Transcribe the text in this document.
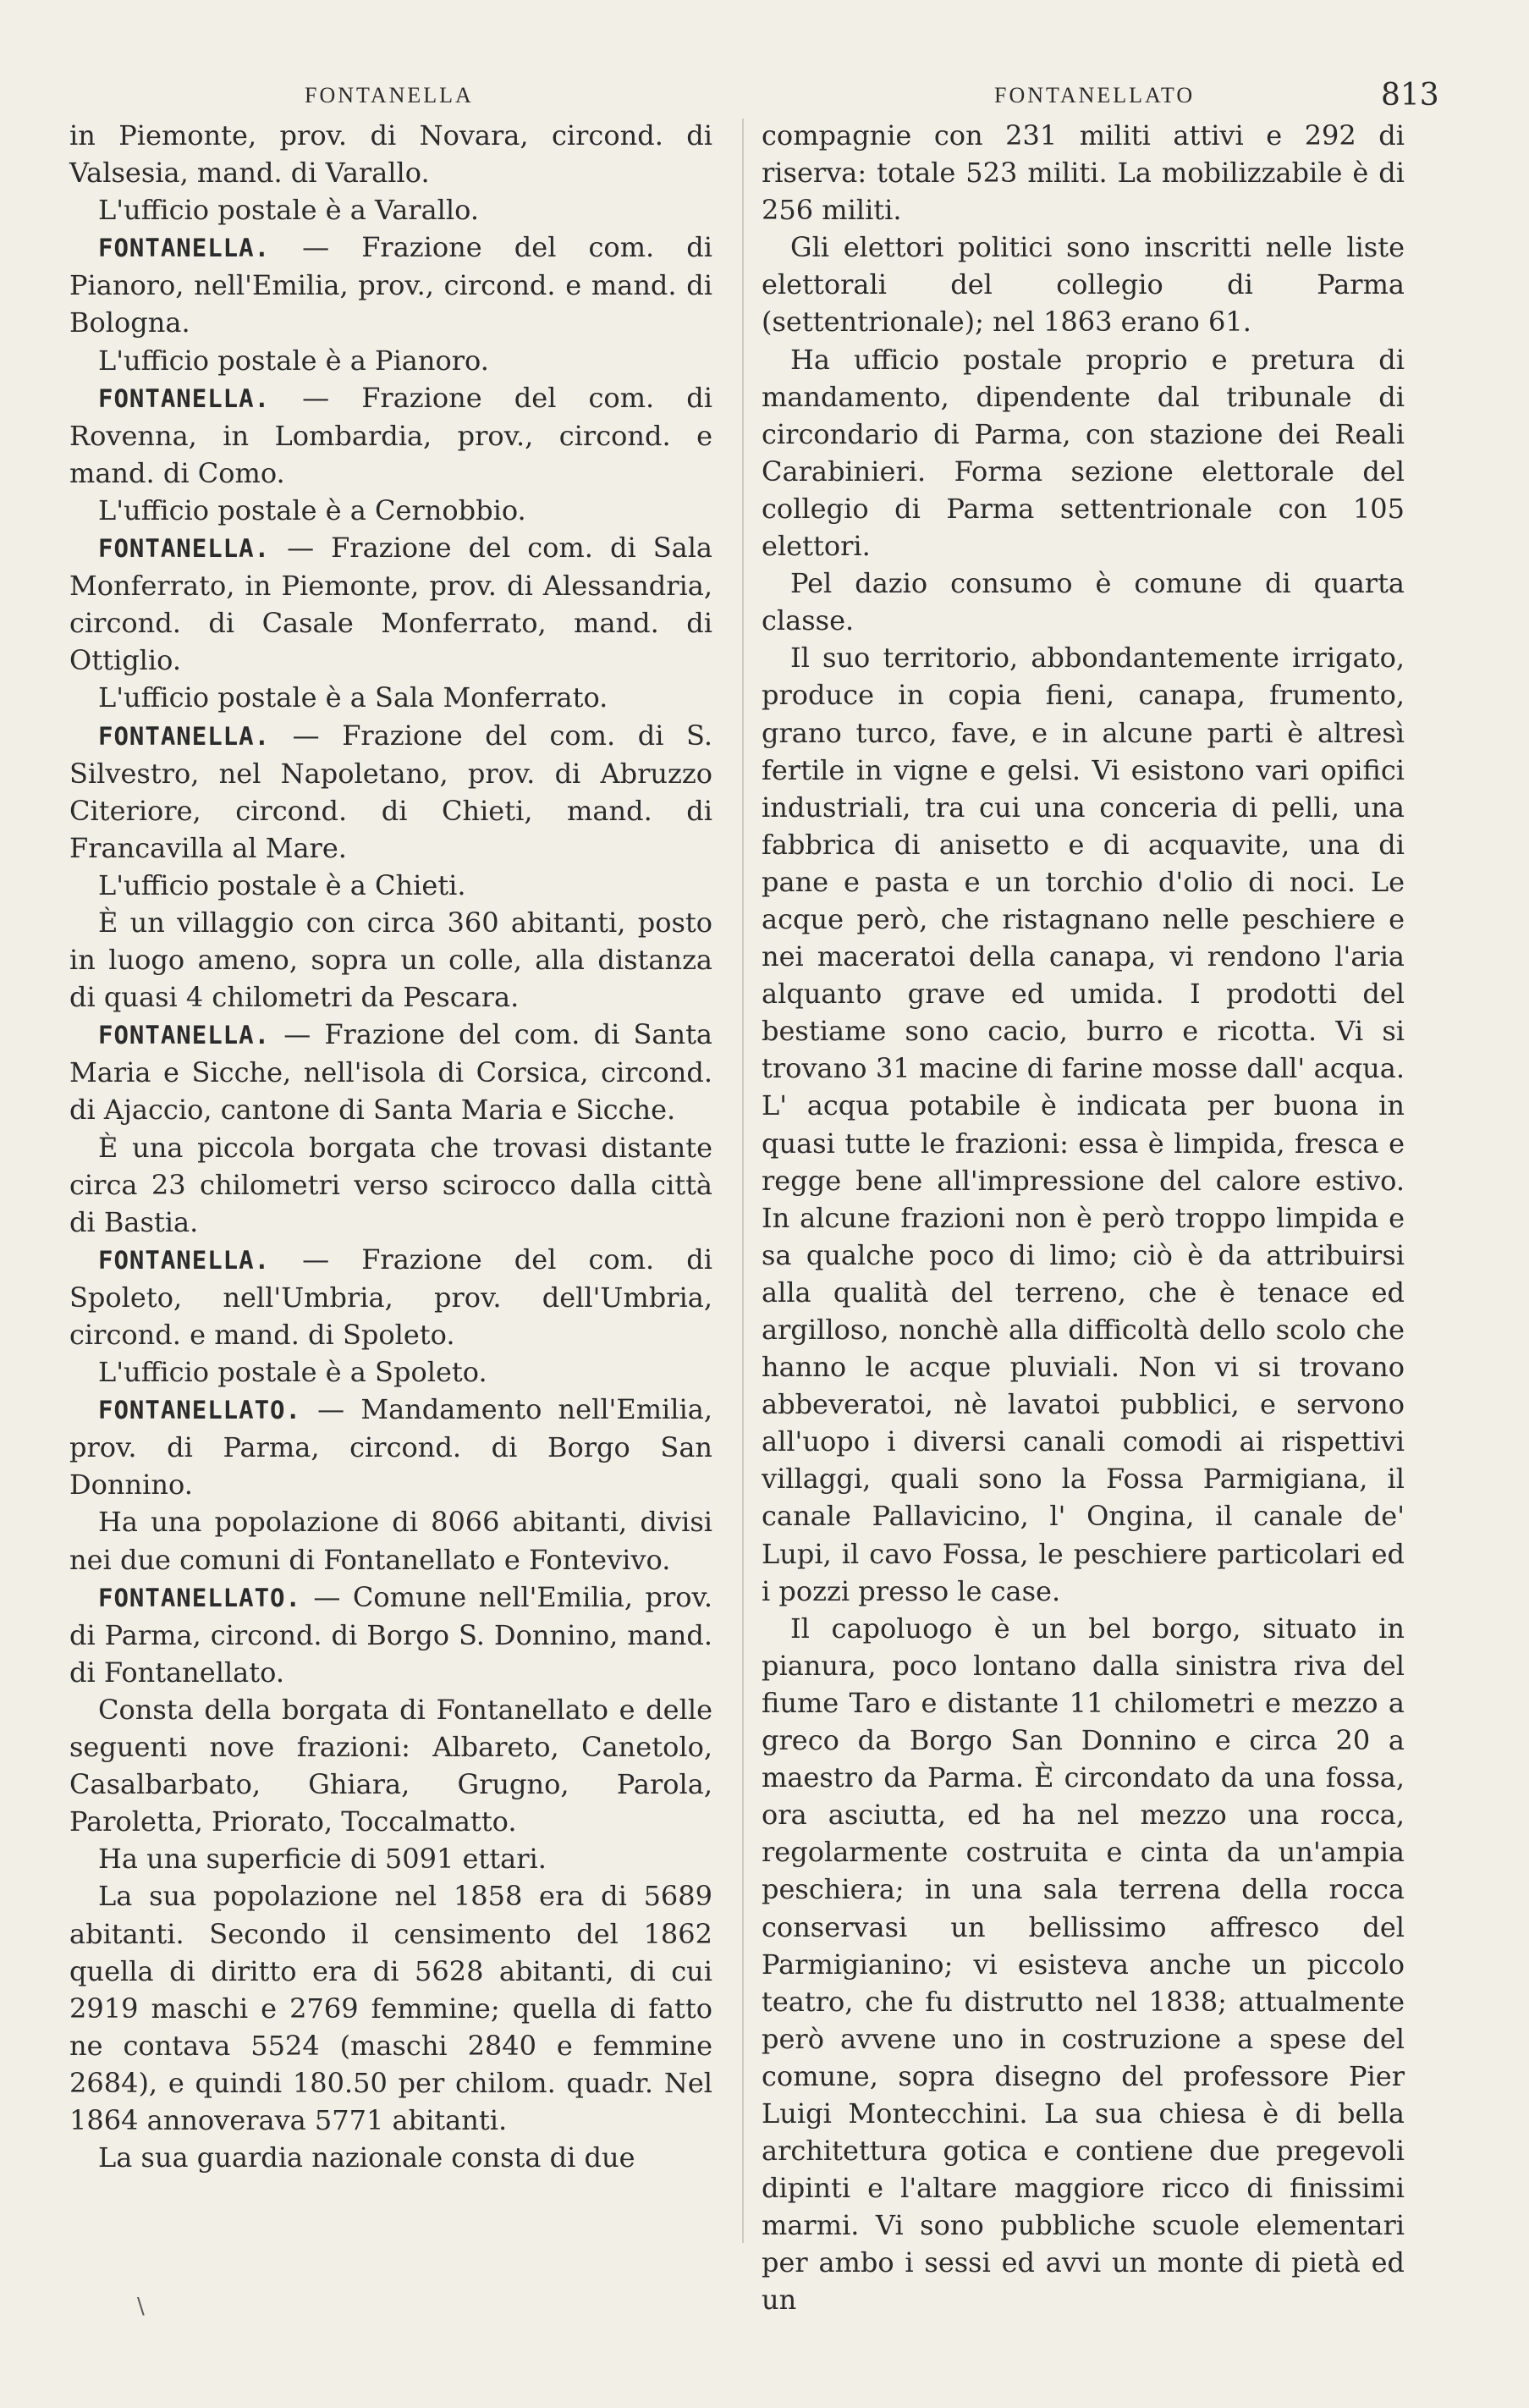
FONTANELLA	FONTANELLATO	813

in Piemonte, prov. di Novara, circond. di Valsesia, mand. di Varallo.

L'ufficio postale è a Varallo.

FONTANELLA. — Frazione del com. di Pianoro, nell'Emilia, prov., circond. e mand. di Bologna.

L'ufficio postale è a Pianoro.

FONTANELLA. — Frazione del com. di Rovenna, in Lombardia, prov., circond. e mand. di Como.

L'ufficio postale è a Cernobbio.

FONTANELLA. — Frazione del com. di Sala Monferrato, in Piemonte, prov. di Alessandria, circond. di Casale Monferrato, mand. di Ottiglio.

L'ufficio postale è a Sala Monferrato.

FONTANELLA. — Frazione del com. di S. Silvestro, nel Napoletano, prov. di Abruzzo Citeriore, circond. di Chieti, mand. di Francavilla al Mare.

L'ufficio postale è a Chieti.

È un villaggio con circa 360 abitanti, posto in luogo ameno, sopra un colle, alla distanza di quasi 4 chilometri da Pescara.

FONTANELLA. — Frazione del com. di Santa Maria e Sicche, nell'isola di Corsica, circond. di Ajaccio, cantone di Santa Maria e Sicche.

È una piccola borgata che trovasi distante circa 23 chilometri verso scirocco dalla città di Bastia.

FONTANELLA. — Frazione del com. di Spoleto, nell'Umbria, prov. dell'Umbria, circond. e mand. di Spoleto.

L'ufficio postale è a Spoleto.

FONTANELLATO. — Mandamento nell'Emilia, prov. di Parma, circond. di Borgo San Donnino.

Ha una popolazione di 8066 abitanti, divisi nei due comuni di Fontanellato e Fontevivo.

FONTANELLATO. — Comune nell'Emilia, prov. di Parma, circond. di Borgo S. Donnino, mand. di Fontanellato.

Consta della borgata di Fontanellato e delle seguenti nove frazioni: Albareto, Canetolo, Casalbarbato, Ghiara, Grugno, Parola, Paroletta, Priorato, Toccalmatto.

Ha una superficie di 5091 ettari.

La sua popolazione nel 1858 era di 5689 abitanti. Secondo il censimento del 1862 quella di diritto era di 5628 abitanti, di cui 2919 maschi e 2769 femmine; quella di fatto ne contava 5524 (maschi 2840 e femmine 2684), e quindi 180.50 per chilom. quadr. Nel 1864 annoverava 5771 abitanti.

La sua guardia nazionale consta di due

compagnie con 231 militi attivi e 292 di riserva: totale 523 militi. La mobilizzabile è di 256 militi.

Gli elettori politici sono inscritti nelle liste elettorali del collegio di Parma (settentrionale); nel 1863 erano 61.

Ha ufficio postale proprio e pretura di mandamento, dipendente dal tribunale di circondario di Parma, con stazione dei Reali Carabinieri. Forma sezione elettorale del collegio di Parma settentrionale con 105 elettori.

Pel dazio consumo è comune di quarta classe.

Il suo territorio, abbondantemente irrigato, produce in copia fieni, canapa, frumento, grano turco, fave, e in alcune parti è altresì fertile in vigne e gelsi. Vi esistono vari opifici industriali, tra cui una conceria di pelli, una fabbrica di anisetto e di acquavite, una di pane e pasta e un torchio d'olio di noci. Le acque però, che ristagnano nelle peschiere e nei maceratoi della canapa, vi rendono l'aria alquanto grave ed umida. I prodotti del bestiame sono cacio, burro e ricotta. Vi si trovano 31 macine di farine mosse dall' acqua. L' acqua potabile è indicata per buona in quasi tutte le frazioni: essa è limpida, fresca e regge bene all'impressione del calore estivo. In alcune frazioni non è però troppo limpida e sa qualche poco di limo; ciò è da attribuirsi alla qualità del terreno, che è tenace ed argilloso, nonchè alla difficoltà dello scolo che hanno le acque pluviali. Non vi si trovano abbeveratoi, nè lavatoi pubblici, e servono all'uopo i diversi canali comodi ai rispettivi villaggi, quali sono la Fossa Parmigiana, il canale Pallavicino, l' Ongina, il canale de' Lupi, il cavo Fossa, le peschiere particolari ed i pozzi presso le case.

Il capoluogo è un bel borgo, situato in pianura, poco lontano dalla sinistra riva del fiume Taro e distante 11 chilometri e mezzo a greco da Borgo San Donnino e circa 20 a maestro da Parma. È circondato da una fossa, ora asciutta, ed ha nel mezzo una rocca, regolarmente costruita e cinta da un'ampia peschiera; in una sala terrena della rocca conservasi un bellissimo affresco del Parmigianino; vi esisteva anche un piccolo teatro, che fu distrutto nel 1838; attualmente però avvene uno in costruzione a spese del comune, sopra disegno del professore Pier Luigi Montecchini. La sua chiesa è di bella architettura gotica e contiene due pregevoli dipinti e l'altare maggiore ricco di finissimi marmi. Vi sono pubbliche scuole elementari per ambo i sessi ed avvi un monte di pietà ed un

\
